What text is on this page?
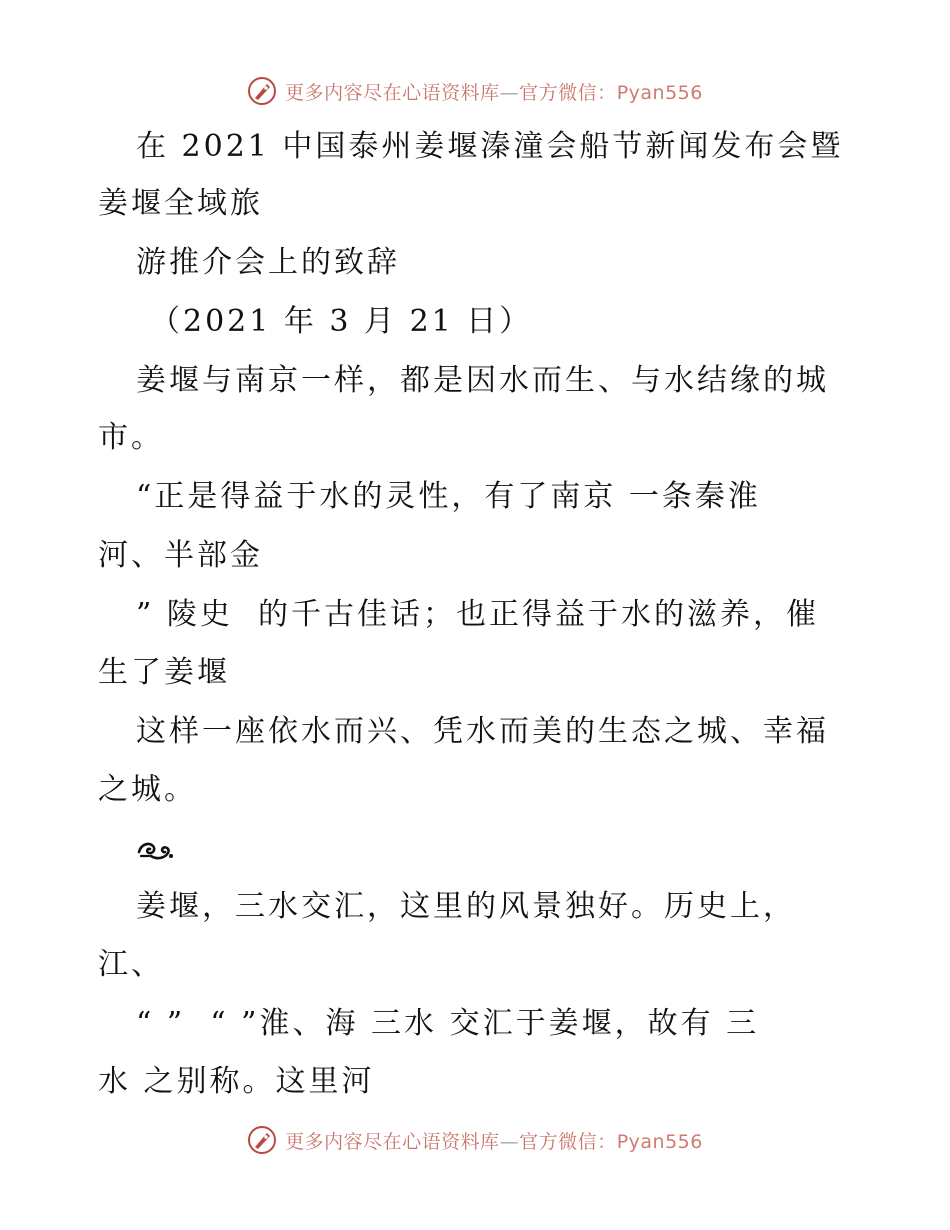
更多内容尽在心语资料库—官方微信：Pyan556
在 2021 中国泰州姜堰溱潼会船节新闻发布会暨
姜堰全域旅
游推介会上的致辞
（2021 年 3 月 21 日）
姜堰与南京一样，都是因水而生、与水结缘的城
市。
“正是得益于水的灵性，有了南京 一条秦淮
河、半部金
” 陵史  的千古佳话；也正得益于水的滋养，催
生了姜堰
这样一座依水而兴、凭水而美的生态之城、幸福
之城。
姜堰，三水交汇，这里的风景独好。历史上，
江、
“ ”  “ ”淮、海 三水 交汇于姜堰，故有 三
水 之别称。这里河
更多内容尽在心语资料库—官方微信：Pyan556
